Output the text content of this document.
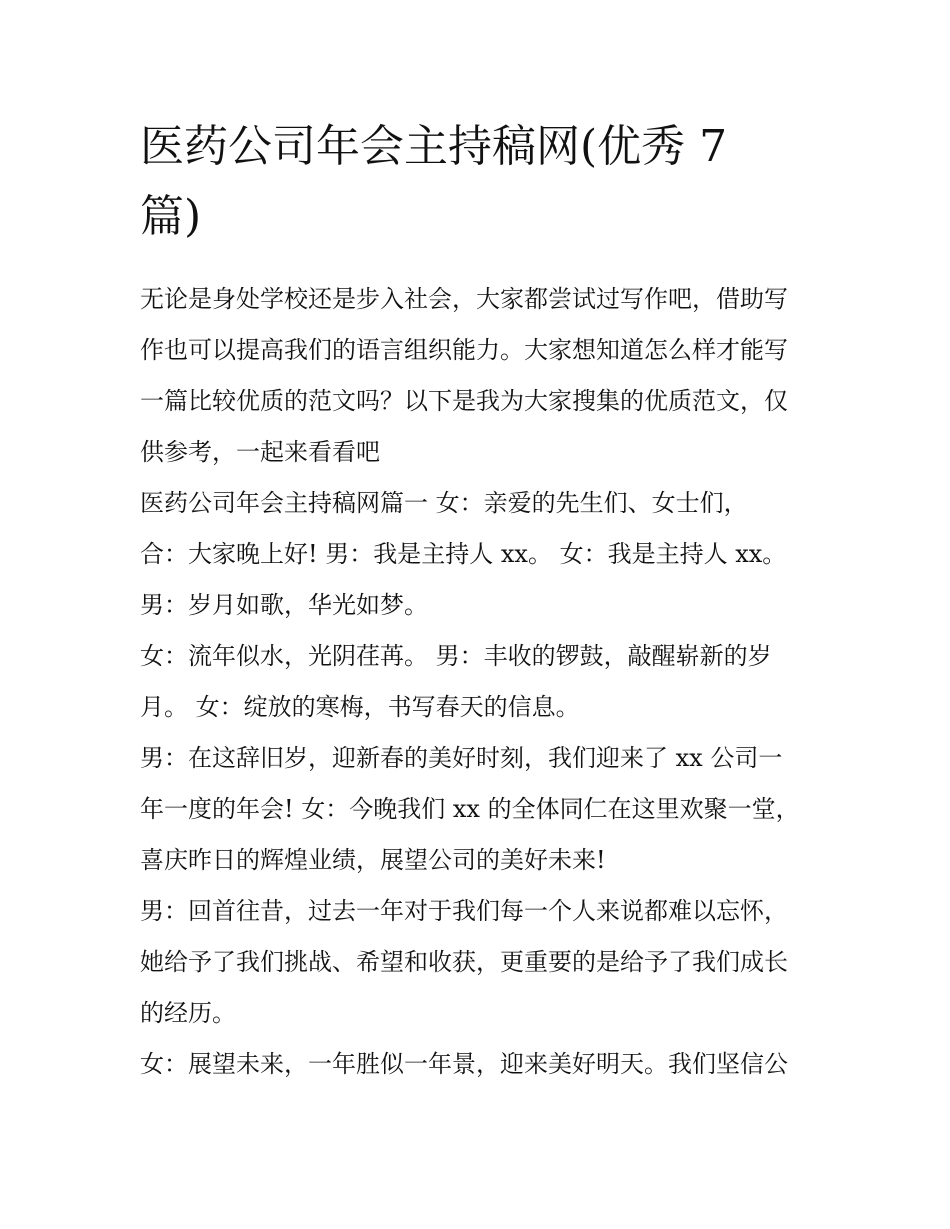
医药公司年会主持稿网(优秀 7
篇)

无论是身处学校还是步入社会，大家都尝试过写作吧，借助写
作也可以提高我们的语言组织能力。大家想知道怎么样才能写
一篇比较优质的范文吗？以下是我为大家搜集的优质范文，仅
供参考，一起来看看吧

医药公司年会主持稿网篇一 女：亲爱的先生们、女士们，

合：大家晚上好! 男：我是主持人 xx。 女：我是主持人 xx。

男：岁月如歌，华光如梦。

女：流年似水，光阴荏苒。 男：丰收的锣鼓，敲醒崭新的岁
月。 女：绽放的寒梅，书写春天的信息。

男：在这辞旧岁，迎新春的美好时刻，我们迎来了 xx 公司一
年一度的年会! 女：今晚我们 xx 的全体同仁在这里欢聚一堂，
喜庆昨日的辉煌业绩，展望公司的美好未来!

男：回首往昔，过去一年对于我们每一个人来说都难以忘怀，
她给予了我们挑战、希望和收获，更重要的是给予了我们成长
的经历。

女：展望未来，一年胜似一年景，迎来美好明天。我们坚信公
